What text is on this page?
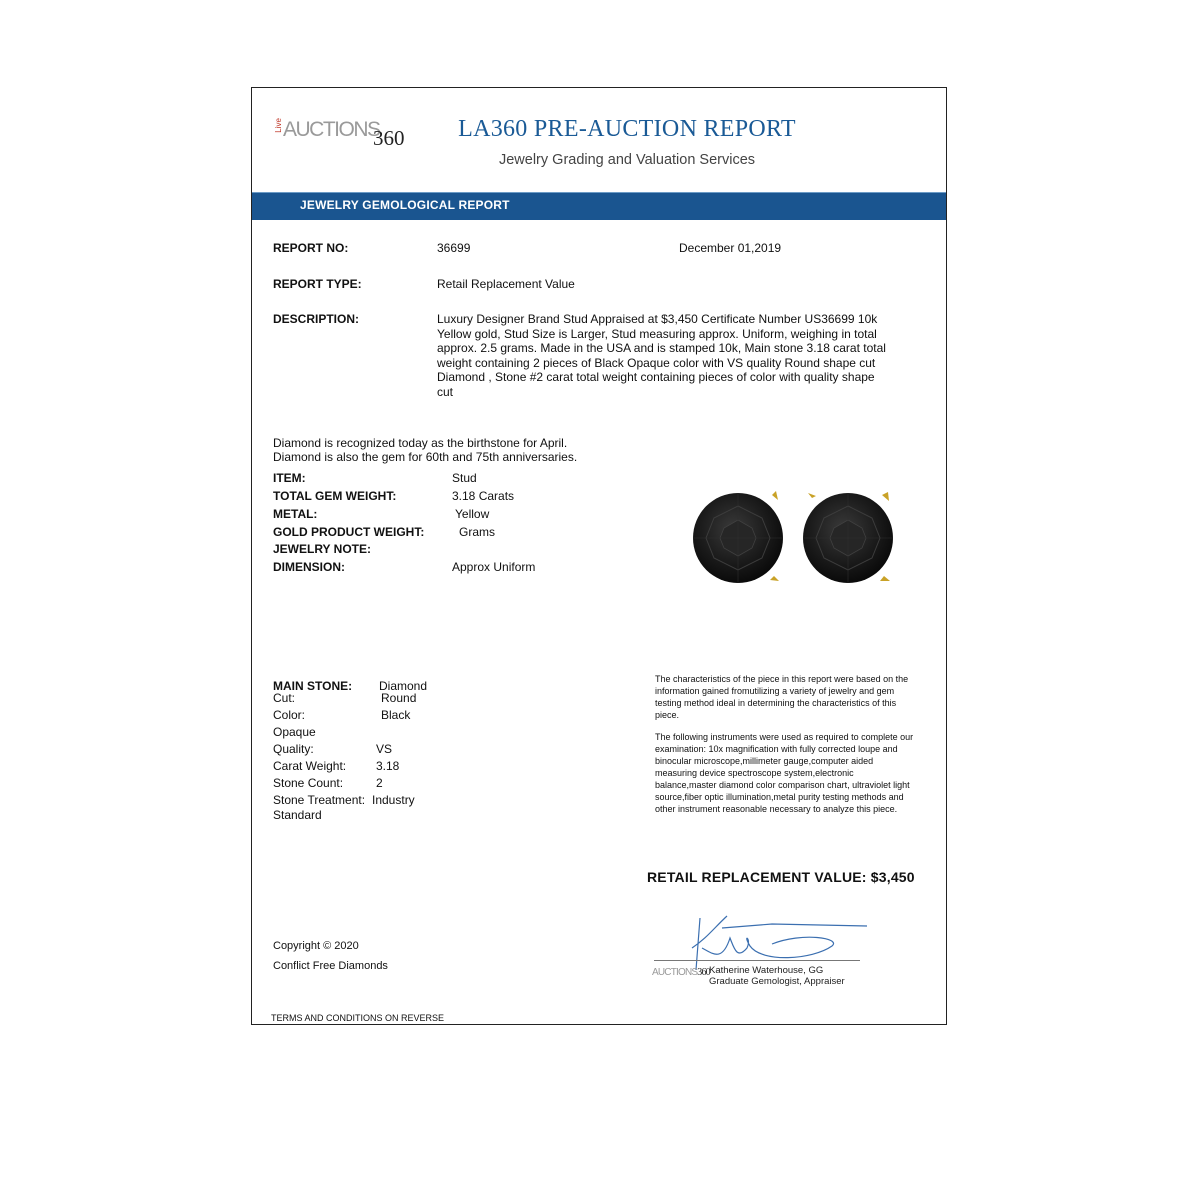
Live AUCTIONS
360 LA360 PRE-AUCTION REPORT
Jewelry Grading and Valuation Services
JEWELRY GEMOLOGICAL REPORT
REPORT NO:	36699	December 01,2019
REPORT TYPE:	Retail Replacement Value
DESCRIPTION:	Luxury Designer Brand Stud Appraised at $3,450 Certificate Number US36699 10k Yellow gold, Stud Size is Larger, Stud measuring approx. Uniform, weighing in total approx. 2.5 grams. Made in the USA and is stamped 10k, Main stone 3.18 carat total weight containing 2 pieces of Black Opaque color with VS quality Round shape cut Diamond , Stone #2 carat total weight containing pieces of color with quality shape cut
Diamond is recognized today as the birthstone for April.
Diamond is also the gem for 60th and 75th anniversaries.
ITEM:	Stud
TOTAL GEM WEIGHT:	3.18 Carats
METAL:	Yellow
GOLD PRODUCT WEIGHT:	Grams
JEWELRY NOTE:
DIMENSION:	Approx Uniform
MAIN STONE: Diamond
Cut:	Round
Color:	Black
Opaque
Quality:	VS
Carat Weight: 3.18
Stone Count:	2
Stone Treatment: Industry
Standard

The characteristics of the piece in this report were based on the information gained fromutilizing a variety of jewelry and gem testing method ideal in determining the characteristics of this piece.

The following instruments were used as required to complete our examination: 10x magnification with fully corrected loupe and binocular microscope,millimeter gauge,computer aided measuring device spectroscope system,electronic balance,master diamond color comparison chart, ultraviolet light source,fiber optic illumination,metal purity testing methods and other instrument reasonable necessary to analyze this piece.

RETAIL REPLACEMENT VALUE: $3,450
AUCTIONS360 Katherine Waterhouse, GG
Graduate Gemologist, Appraiser
Copyright © 2020
Conflict Free Diamonds
TERMS AND CONDITIONS ON REVERSE
